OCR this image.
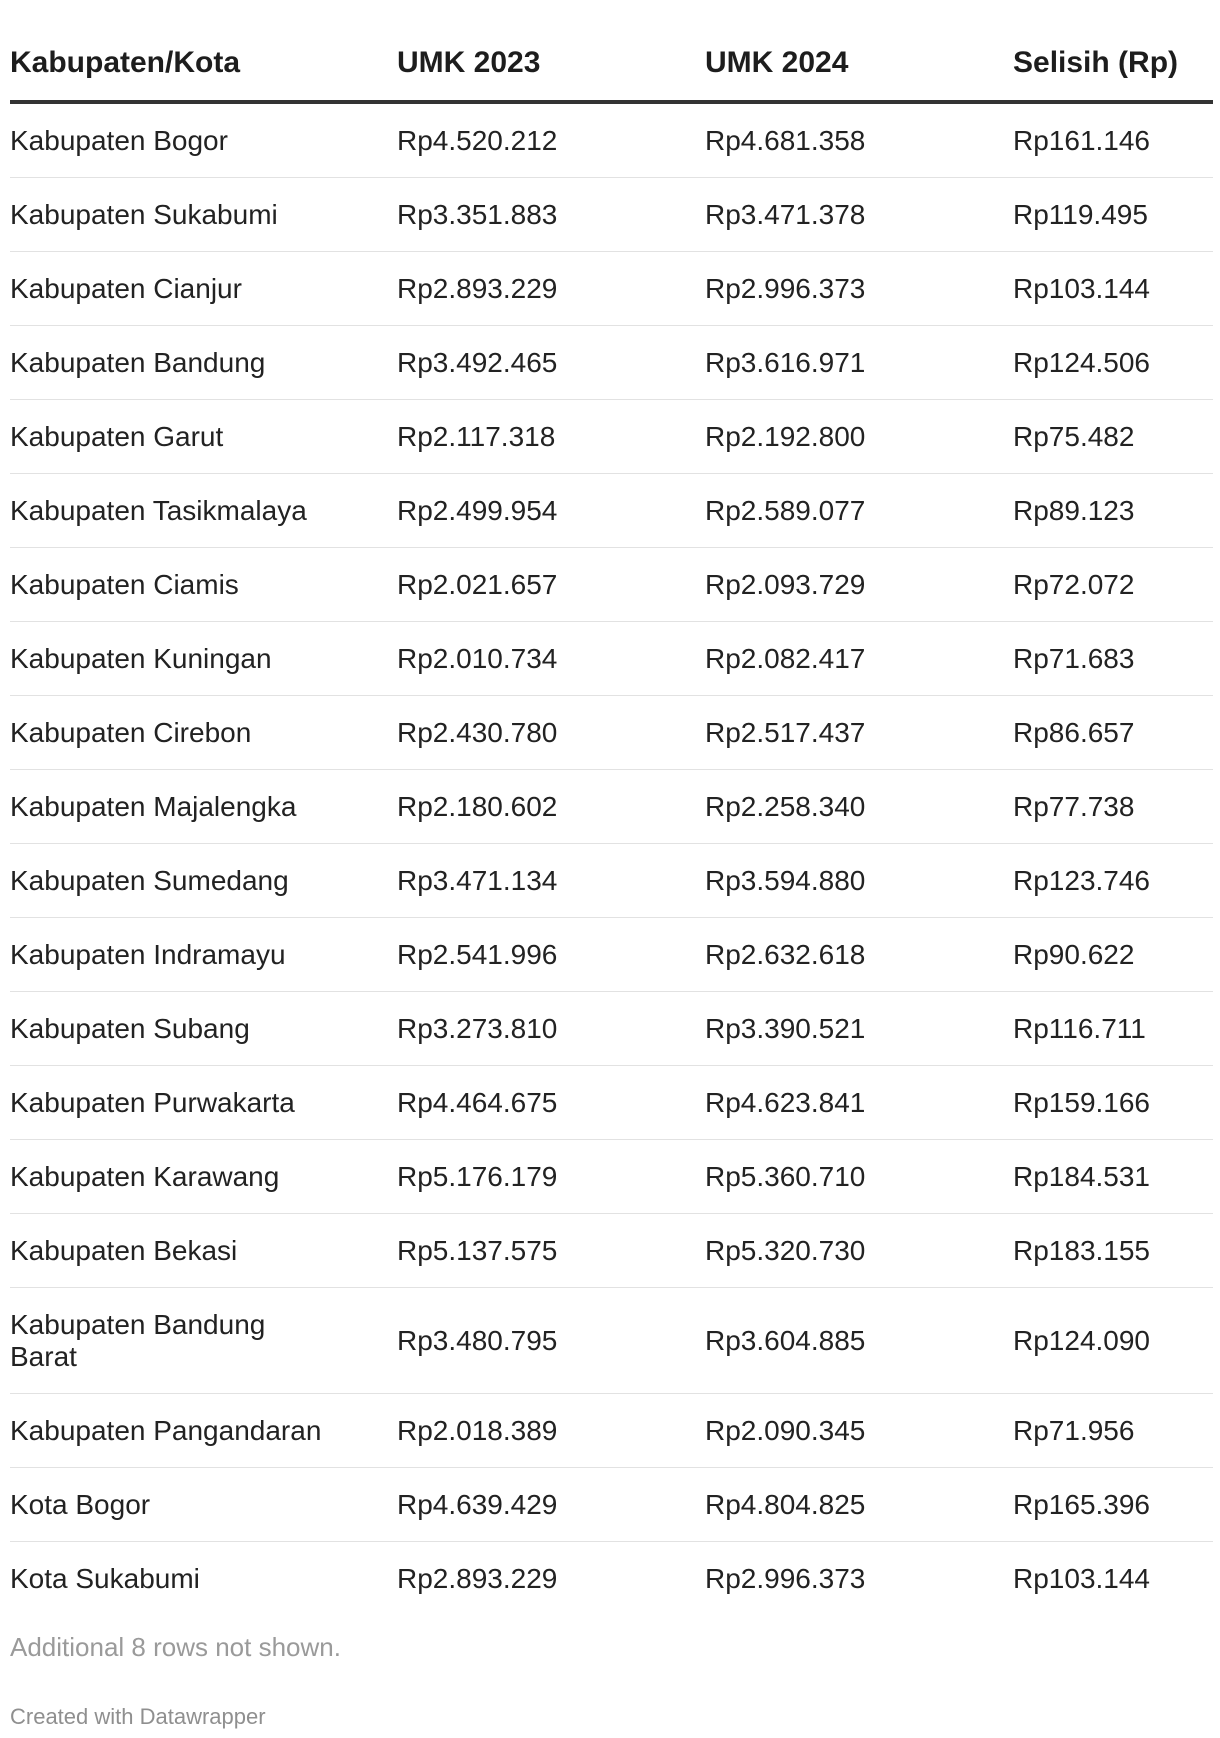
Kabupaten/Kota	UMK 2023	UMK 2024	Selisih (Rp)
Kabupaten Bogor	Rp4.520.212	Rp4.681.358	Rp161.146
Kabupaten Sukabumi	Rp3.351.883	Rp3.471.378	Rp119.495
Kabupaten Cianjur	Rp2.893.229	Rp2.996.373	Rp103.144
Kabupaten Bandung	Rp3.492.465	Rp3.616.971	Rp124.506
Kabupaten Garut	Rp2.117.318	Rp2.192.800	Rp75.482
Kabupaten Tasikmalaya	Rp2.499.954	Rp2.589.077	Rp89.123
Kabupaten Ciamis	Rp2.021.657	Rp2.093.729	Rp72.072
Kabupaten Kuningan	Rp2.010.734	Rp2.082.417	Rp71.683
Kabupaten Cirebon	Rp2.430.780	Rp2.517.437	Rp86.657
Kabupaten Majalengka	Rp2.180.602	Rp2.258.340	Rp77.738
Kabupaten Sumedang	Rp3.471.134	Rp3.594.880	Rp123.746
Kabupaten Indramayu	Rp2.541.996	Rp2.632.618	Rp90.622
Kabupaten Subang	Rp3.273.810	Rp3.390.521	Rp116.711
Kabupaten Purwakarta	Rp4.464.675	Rp4.623.841	Rp159.166
Kabupaten Karawang	Rp5.176.179	Rp5.360.710	Rp184.531
Kabupaten Bekasi	Rp5.137.575	Rp5.320.730	Rp183.155
Kabupaten Bandung Barat	Rp3.480.795	Rp3.604.885	Rp124.090
Kabupaten Pangandaran	Rp2.018.389	Rp2.090.345	Rp71.956
Kota Bogor	Rp4.639.429	Rp4.804.825	Rp165.396
Kota Sukabumi	Rp2.893.229	Rp2.996.373	Rp103.144
Additional 8 rows not shown.
Created with Datawrapper
